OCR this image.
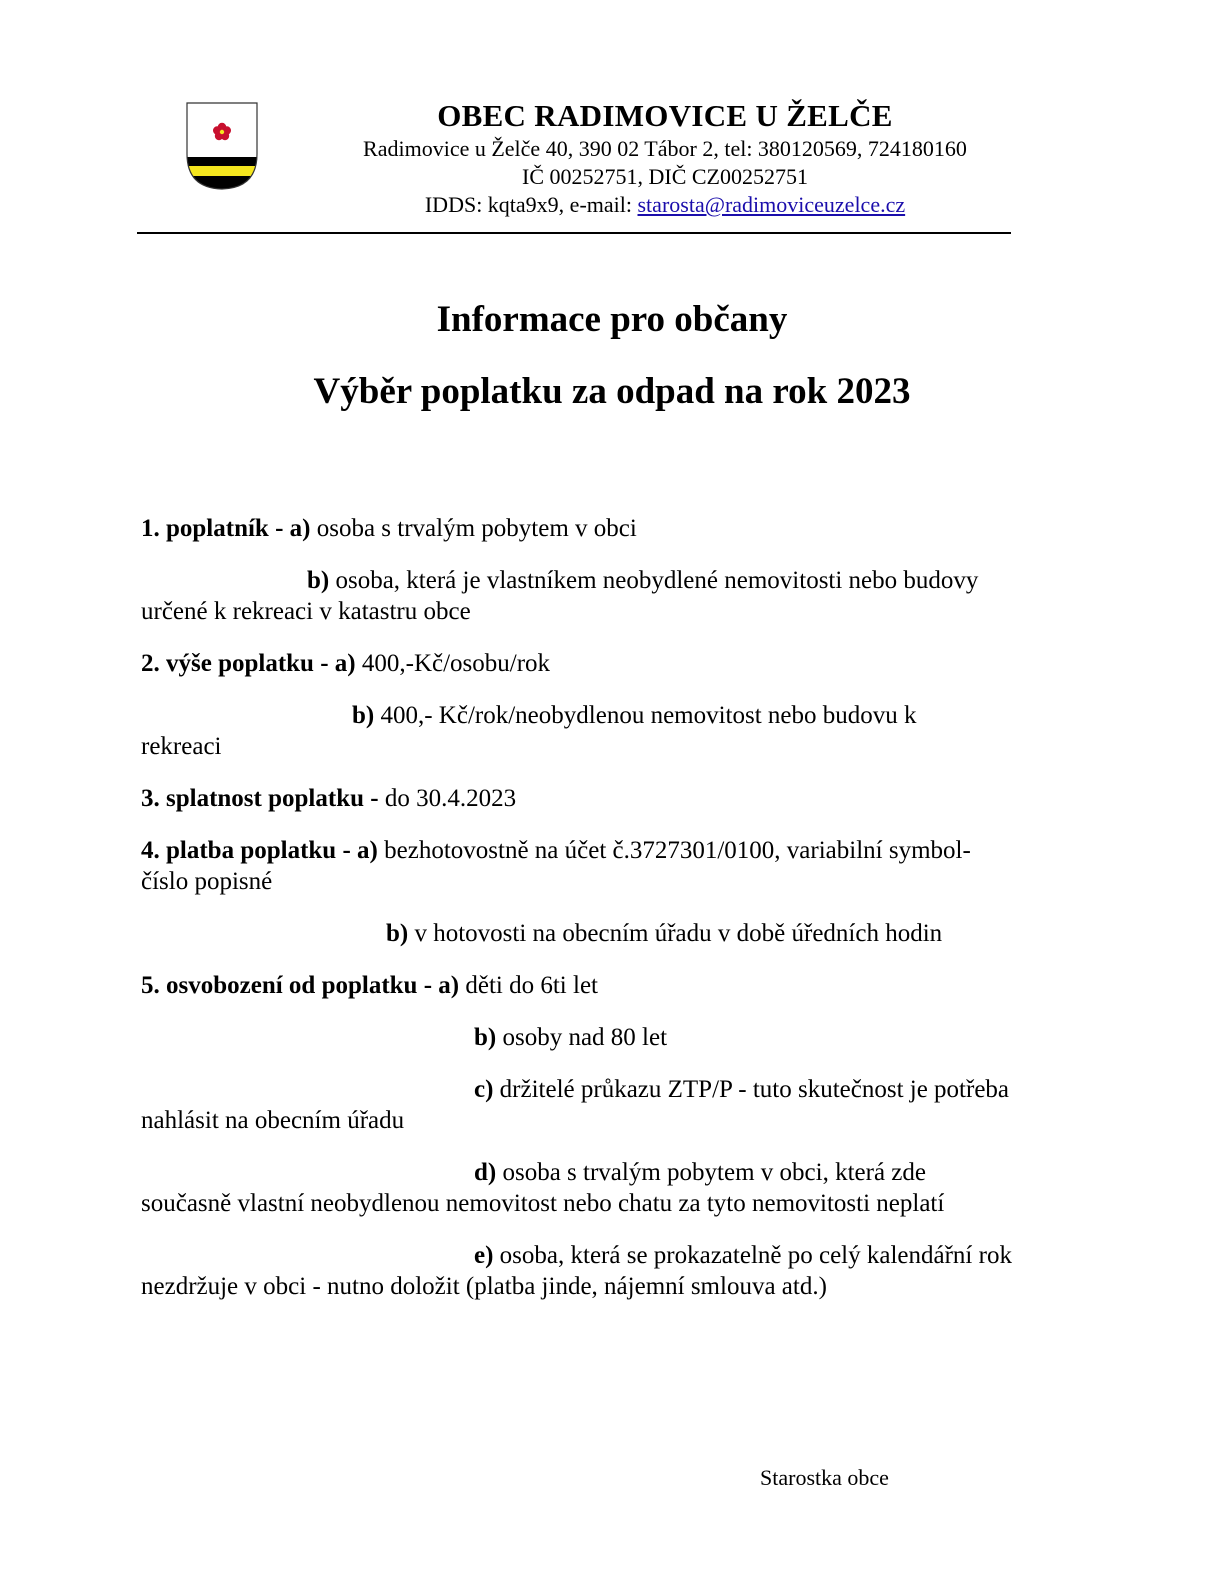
OBEC RADIMOVICE U ŽELČE
Radimovice u Želče 40, 390 02 Tábor 2, tel: 380120569, 724180160
IČ 00252751, DIČ CZ00252751
IDDS: kqta9x9, e-mail: starosta@radimoviceuzelce.cz
Informace pro občany
Výběr poplatku za odpad na rok 2023
1. poplatník - a) osoba s trvalým pobytem v obci
b) osoba, která je vlastníkem neobydlené nemovitosti nebo budovy
určené k rekreaci v katastru obce
2. výše poplatku - a) 400,-Kč/osobu/rok
b) 400,- Kč/rok/neobydlenou nemovitost nebo budovu k
rekreaci
3. splatnost poplatku - do 30.4.2023
4. platba poplatku - a) bezhotovostně na účet č.3727301/0100, variabilní symbol-
číslo popisné
b) v hotovosti na obecním úřadu v době úředních hodin
5. osvobození od poplatku - a) děti do 6ti let
b) osoby nad 80 let
c) držitelé průkazu ZTP/P - tuto skutečnost je potřeba
nahlásit na obecním úřadu
d) osoba s trvalým pobytem v obci, která zde
současně vlastní neobydlenou nemovitost nebo chatu za tyto nemovitosti neplatí
e) osoba, která se prokazatelně po celý kalendářní rok
nezdržuje v obci - nutno doložit (platba jinde, nájemní smlouva atd.)
Starostka obce
